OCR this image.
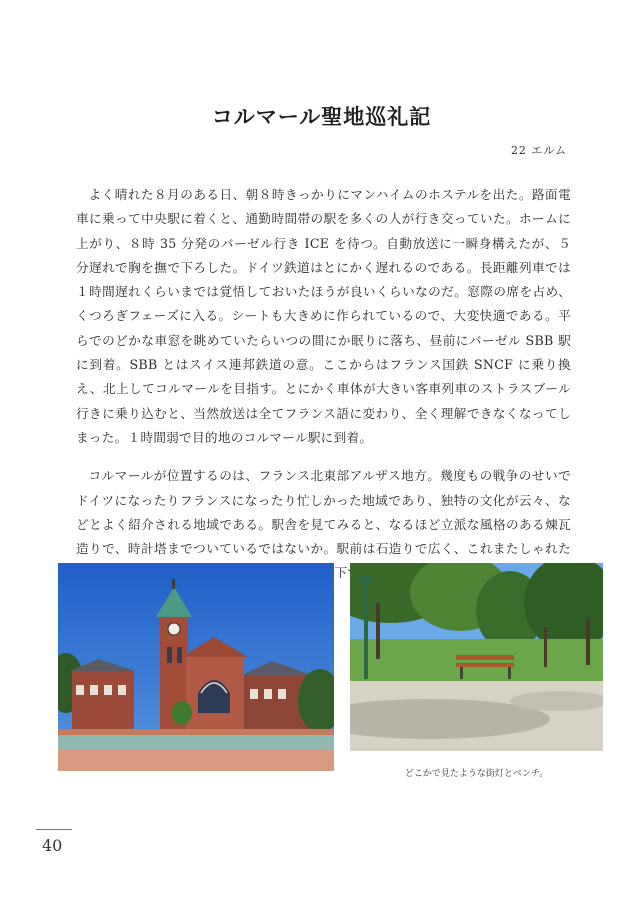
コルマール聖地巡礼記
22 エルム

よく晴れた８月のある日、朝８時きっかりにマンハイムのホステルを出た。路面電車に乗って中央駅に着くと、通勤時間帯の駅を多くの人が行き交っていた。ホームに上がり、８時 35 分発のバーゼル行き ICE を待つ。自動放送に一瞬身構えたが、５分遅れで胸を撫で下ろした。ドイツ鉄道はとにかく遅れるのである。長距離列車では１時間遅れくらいまでは覚悟しておいたほうが良いくらいなのだ。窓際の席を占め、くつろぎフェーズに入る。シートも大きめに作られているので、大変快適である。平らでのどかな車窓を眺めていたらいつの間にか眠りに落ち、昼前にバーゼル SBB 駅に到着。SBB とはスイス連邦鉄道の意。ここからはフランス国鉄 SNCF に乗り換え、北上してコルマールを目指す。とにかく車体が大きい客車列車のストラスブール行きに乗り込むと、当然放送は全てフランス語に変わり、全く理解できなくなってしまった。１時間弱で目的地のコルマール駅に到着。

コルマールが位置するのは、フランス北東部アルザス地方。幾度もの戦争のせいでドイツになったりフランスになったり忙しかった地域であり、独特の文化が云々、などとよく紹介される地域である。駅舎を見てみると、なるほど立派な風格のある煉瓦造りで、時計塔までついているではないか。駅前は石造りで広く、これまたしゃれた の下で

どこかで見たような街灯とベンチ。
40
